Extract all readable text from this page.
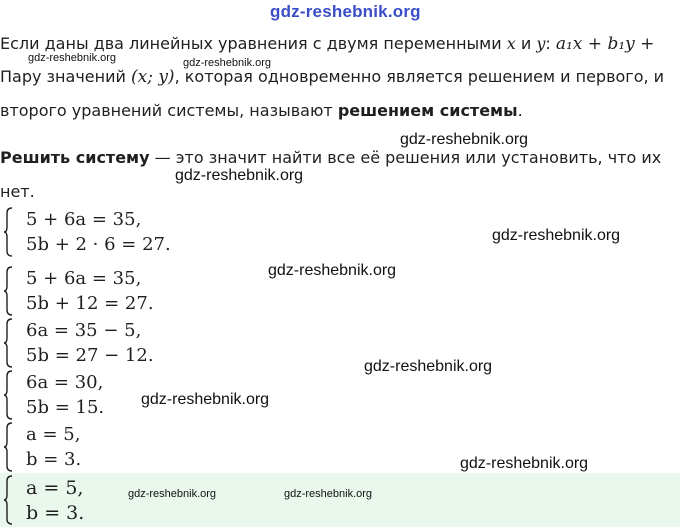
gdz-reshebnik.org
Если даны два линейных уравнения с двумя переменными x и y: a₁x + b₁y +
gdz-reshebnik.org	gdz-reshebnik.org
Пару значений (x; y), которая одновременно является решением и первого, и
второго уравнений системы, называют решением системы.
gdz-reshebnik.org
Решить систему — это значит найти все её решения или установить, что их
gdz-reshebnik.org
нет.
5 + 6a = 35,
5b + 2 · 6 = 27.	gdz-reshebnik.org
5 + 6a = 35,
5b + 12 = 27.
gdz-reshebnik.org
6a = 35 − 5,
5b = 27 − 12.
gdz-reshebnik.org
6a = 30,
5b = 15. gdz-reshebnik.org
a = 5,
b = 3.	gdz-reshebnik.org
a = 5,
b = 3.
gdz-reshebnik.org	gdz-reshebnik.org
